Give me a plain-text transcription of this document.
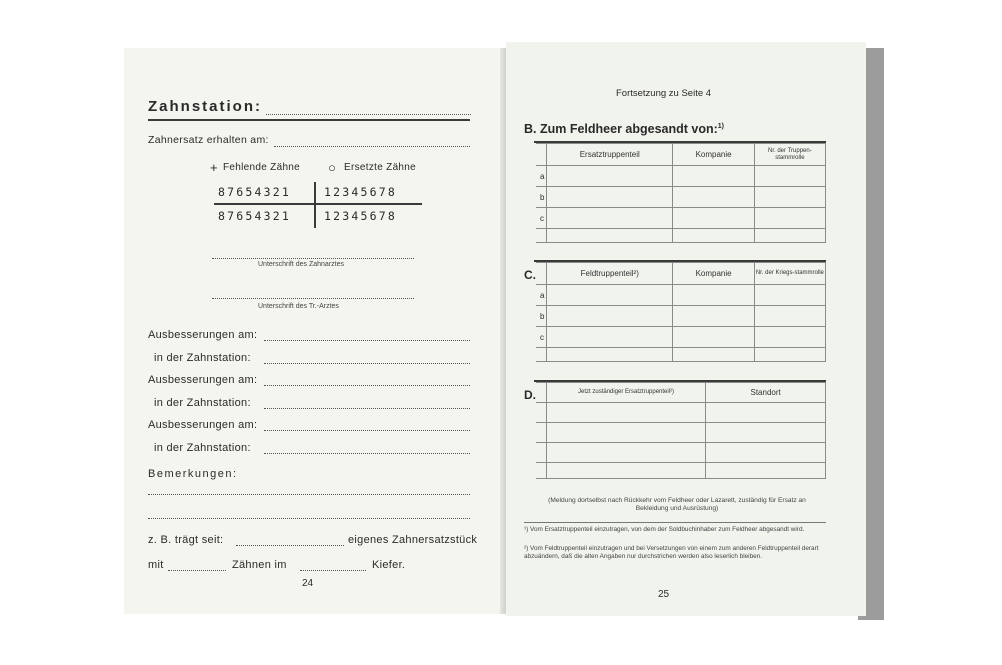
Zahnstation:
Zahnersatz erhalten am:
+ Fehlende Zähne ○ Ersetzte Zähne
87654321	12345678
87654321	12345678
Unterschrift des Zahnarztes
Unterschrift des Tr.-Arztes
Ausbesserungen am:
in der Zahnstation:
Ausbesserungen am:
in der Zahnstation:
Ausbesserungen am:
in der Zahnstation:
Bemerkungen:
z. B. trägt seit:	eigenes Zahnersatzstück
mit	Zähnen im	Kiefer.
24
Fortsetzung zu Seite 4
B. Zum Feldheer abgesandt von:$^{1)}$
	Ersatztruppenteil	Kompanie	Nr. der Truppen-stammrolle
a			
b			
c			

C.
		Feldtruppenteil²)	Kompanie	Nr. der Kriegs-stammrolle
a			
b			
c			

D.
		Jetzt zuständiger Ersatztruppenteil²)	Standort

(Meldung dortselbst nach Rückkehr vom Feldheer oder Lazarett, zuständig für Ersatz an Bekleidung und Ausrüstung)
¹) Vom Ersatztruppenteil einzutragen, von dem der Soldbuchinhaber zum Feldheer abgesandt wird.
²) Vom Feldtruppenteil einzutragen und bei Versetzungen von einem zum anderen Feldtruppenteil derart abzuändern, daß die alten Angaben nur durchstrichen werden also leserlich bleiben.
25
